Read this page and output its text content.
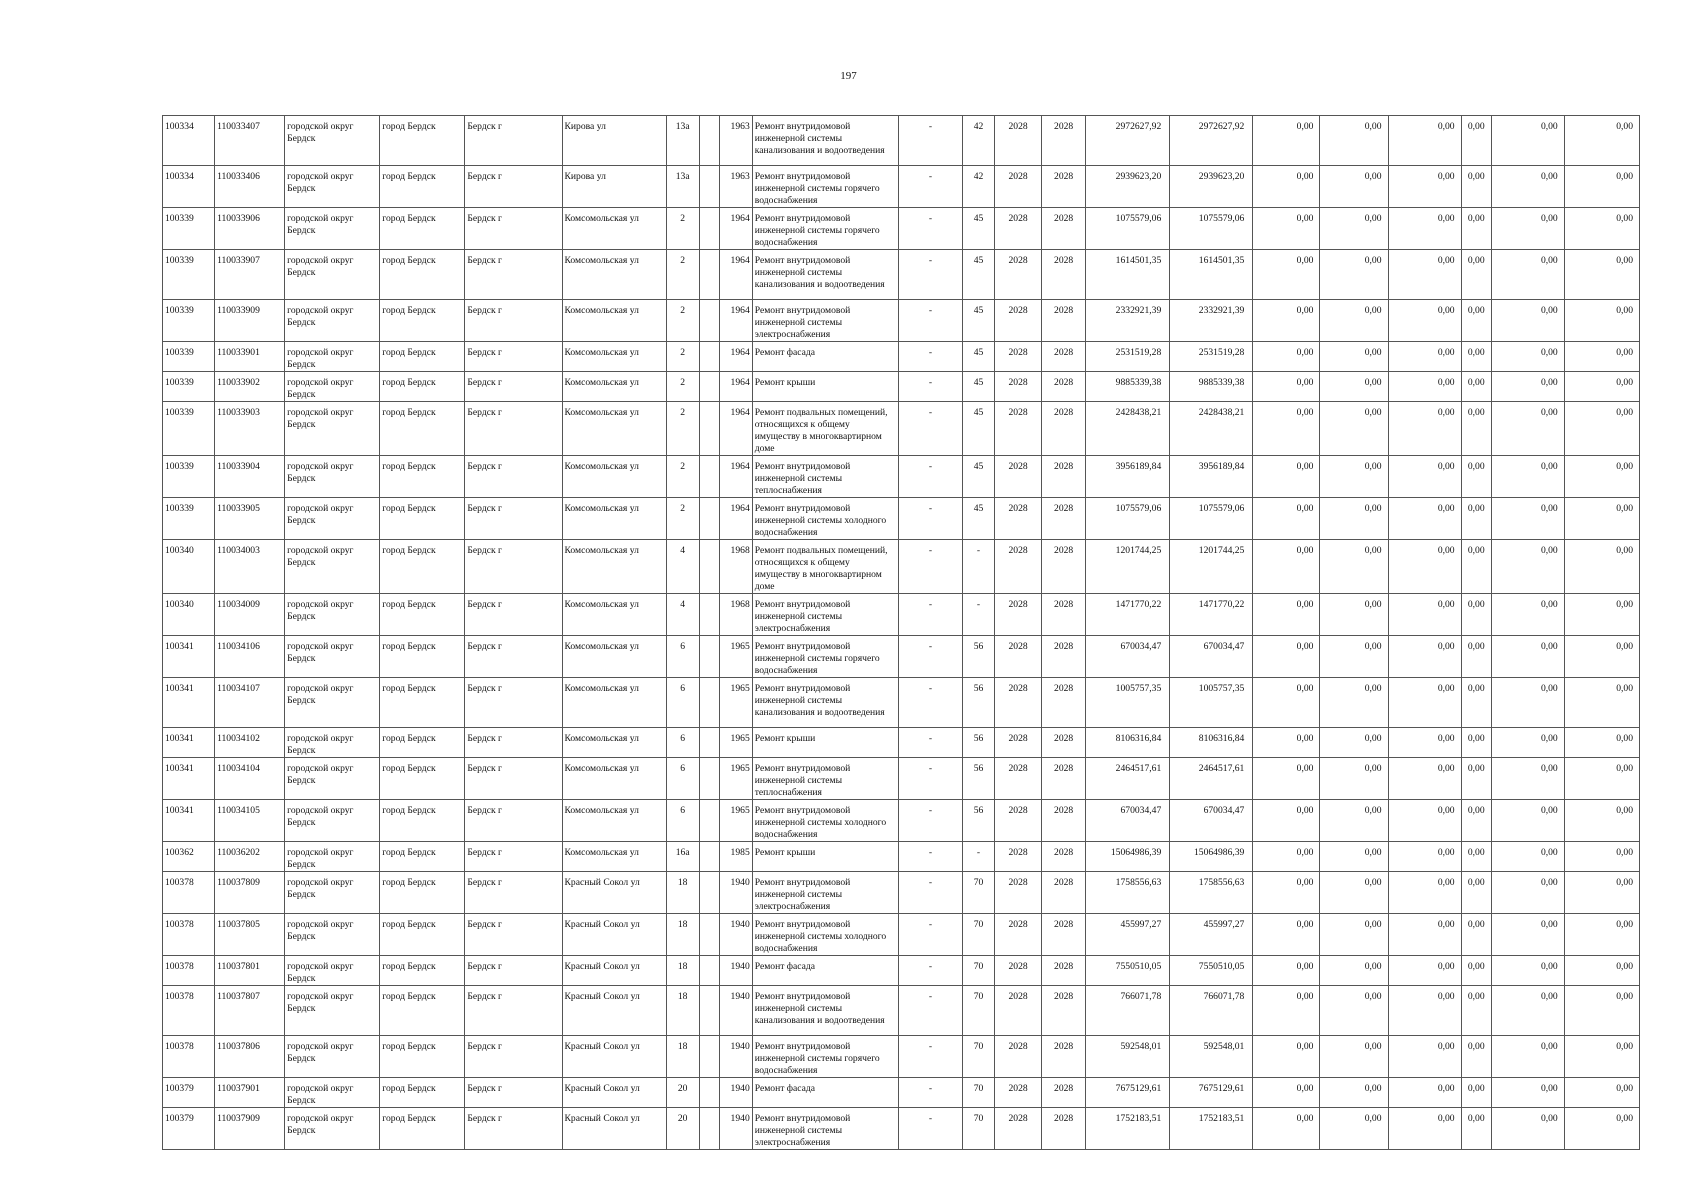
197
100334	110033407	городской округ Бердск	город Бердск	Бердск г	Кирова ул	13а		1963	Ремонт внутридомовой инженерной системы канализования и водоотведения	-	42	2028	2028	2972627,92	2972627,92	0,00	0,00	0,00	0,00	0,00	0,00
100334	110033406	городской округ Бердск	город Бердск	Бердск г	Кирова ул	13а		1963	Ремонт внутридомовой инженерной системы горячего водоснабжения	-	42	2028	2028	2939623,20	2939623,20	0,00	0,00	0,00	0,00	0,00	0,00
100339	110033906	городской округ Бердск	город Бердск	Бердск г	Комсомольская ул	2		1964	Ремонт внутридомовой инженерной системы горячего водоснабжения	-	45	2028	2028	1075579,06	1075579,06	0,00	0,00	0,00	0,00	0,00	0,00
100339	110033907	городской округ Бердск	город Бердск	Бердск г	Комсомольская ул	2		1964	Ремонт внутридомовой инженерной системы канализования и водоотведения	-	45	2028	2028	1614501,35	1614501,35	0,00	0,00	0,00	0,00	0,00	0,00
100339	110033909	городской округ Бердск	город Бердск	Бердск г	Комсомольская ул	2		1964	Ремонт внутридомовой инженерной системы электроснабжения	-	45	2028	2028	2332921,39	2332921,39	0,00	0,00	0,00	0,00	0,00	0,00
100339	110033901	городской округ Бердск	город Бердск	Бердск г	Комсомольская ул	2		1964	Ремонт фасада	-	45	2028	2028	2531519,28	2531519,28	0,00	0,00	0,00	0,00	0,00	0,00
100339	110033902	городской округ Бердск	город Бердск	Бердск г	Комсомольская ул	2		1964	Ремонт крыши	-	45	2028	2028	9885339,38	9885339,38	0,00	0,00	0,00	0,00	0,00	0,00
100339	110033903	городской округ Бердск	город Бердск	Бердск г	Комсомольская ул	2		1964	Ремонт подвальных помещений, относящихся к общему имуществу в многоквартирном доме	-	45	2028	2028	2428438,21	2428438,21	0,00	0,00	0,00	0,00	0,00	0,00
100339	110033904	городской округ Бердск	город Бердск	Бердск г	Комсомольская ул	2		1964	Ремонт внутридомовой инженерной системы теплоснабжения	-	45	2028	2028	3956189,84	3956189,84	0,00	0,00	0,00	0,00	0,00	0,00
100339	110033905	городской округ Бердск	город Бердск	Бердск г	Комсомольская ул	2		1964	Ремонт внутридомовой инженерной системы холодного водоснабжения	-	45	2028	2028	1075579,06	1075579,06	0,00	0,00	0,00	0,00	0,00	0,00
100340	110034003	городской округ Бердск	город Бердск	Бердск г	Комсомольская ул	4		1968	Ремонт подвальных помещений, относящихся к общему имуществу в многоквартирном доме	-	-	2028	2028	1201744,25	1201744,25	0,00	0,00	0,00	0,00	0,00	0,00
100340	110034009	городской округ Бердск	город Бердск	Бердск г	Комсомольская ул	4		1968	Ремонт внутридомовой инженерной системы электроснабжения	-	-	2028	2028	1471770,22	1471770,22	0,00	0,00	0,00	0,00	0,00	0,00
100341	110034106	городской округ Бердск	город Бердск	Бердск г	Комсомольская ул	6		1965	Ремонт внутридомовой инженерной системы горячего водоснабжения	-	56	2028	2028	670034,47	670034,47	0,00	0,00	0,00	0,00	0,00	0,00
100341	110034107	городской округ Бердск	город Бердск	Бердск г	Комсомольская ул	6		1965	Ремонт внутридомовой инженерной системы канализования и водоотведения	-	56	2028	2028	1005757,35	1005757,35	0,00	0,00	0,00	0,00	0,00	0,00
100341	110034102	городской округ Бердск	город Бердск	Бердск г	Комсомольская ул	6		1965	Ремонт крыши	-	56	2028	2028	8106316,84	8106316,84	0,00	0,00	0,00	0,00	0,00	0,00
100341	110034104	городской округ Бердск	город Бердск	Бердск г	Комсомольская ул	6		1965	Ремонт внутридомовой инженерной системы теплоснабжения	-	56	2028	2028	2464517,61	2464517,61	0,00	0,00	0,00	0,00	0,00	0,00
100341	110034105	городской округ Бердск	город Бердск	Бердск г	Комсомольская ул	6		1965	Ремонт внутридомовой инженерной системы холодного водоснабжения	-	56	2028	2028	670034,47	670034,47	0,00	0,00	0,00	0,00	0,00	0,00
100362	110036202	городской округ Бердск	город Бердск	Бердск г	Комсомольская ул	16а		1985	Ремонт крыши	-	-	2028	2028	15064986,39	15064986,39	0,00	0,00	0,00	0,00	0,00	0,00
100378	110037809	городской округ Бердск	город Бердск	Бердск г	Красный Сокол ул	18		1940	Ремонт внутридомовой инженерной системы электроснабжения	-	70	2028	2028	1758556,63	1758556,63	0,00	0,00	0,00	0,00	0,00	0,00
100378	110037805	городской округ Бердск	город Бердск	Бердск г	Красный Сокол ул	18		1940	Ремонт внутридомовой инженерной системы холодного водоснабжения	-	70	2028	2028	455997,27	455997,27	0,00	0,00	0,00	0,00	0,00	0,00
100378	110037801	городской округ Бердск	город Бердск	Бердск г	Красный Сокол ул	18		1940	Ремонт фасада	-	70	2028	2028	7550510,05	7550510,05	0,00	0,00	0,00	0,00	0,00	0,00
100378	110037807	городской округ Бердск	город Бердск	Бердск г	Красный Сокол ул	18		1940	Ремонт внутридомовой инженерной системы канализования и водоотведения	-	70	2028	2028	766071,78	766071,78	0,00	0,00	0,00	0,00	0,00	0,00
100378	110037806	городской округ Бердск	город Бердск	Бердск г	Красный Сокол ул	18		1940	Ремонт внутридомовой инженерной системы горячего водоснабжения	-	70	2028	2028	592548,01	592548,01	0,00	0,00	0,00	0,00	0,00	0,00
100379	110037901	городской округ Бердск	город Бердск	Бердск г	Красный Сокол ул	20		1940	Ремонт фасада	-	70	2028	2028	7675129,61	7675129,61	0,00	0,00	0,00	0,00	0,00	0,00
100379	110037909	городской округ Бердск	город Бердск	Бердск г	Красный Сокол ул	20		1940	Ремонт внутридомовой инженерной системы электроснабжения	-	70	2028	2028	1752183,51	1752183,51	0,00	0,00	0,00	0,00	0,00	0,00
